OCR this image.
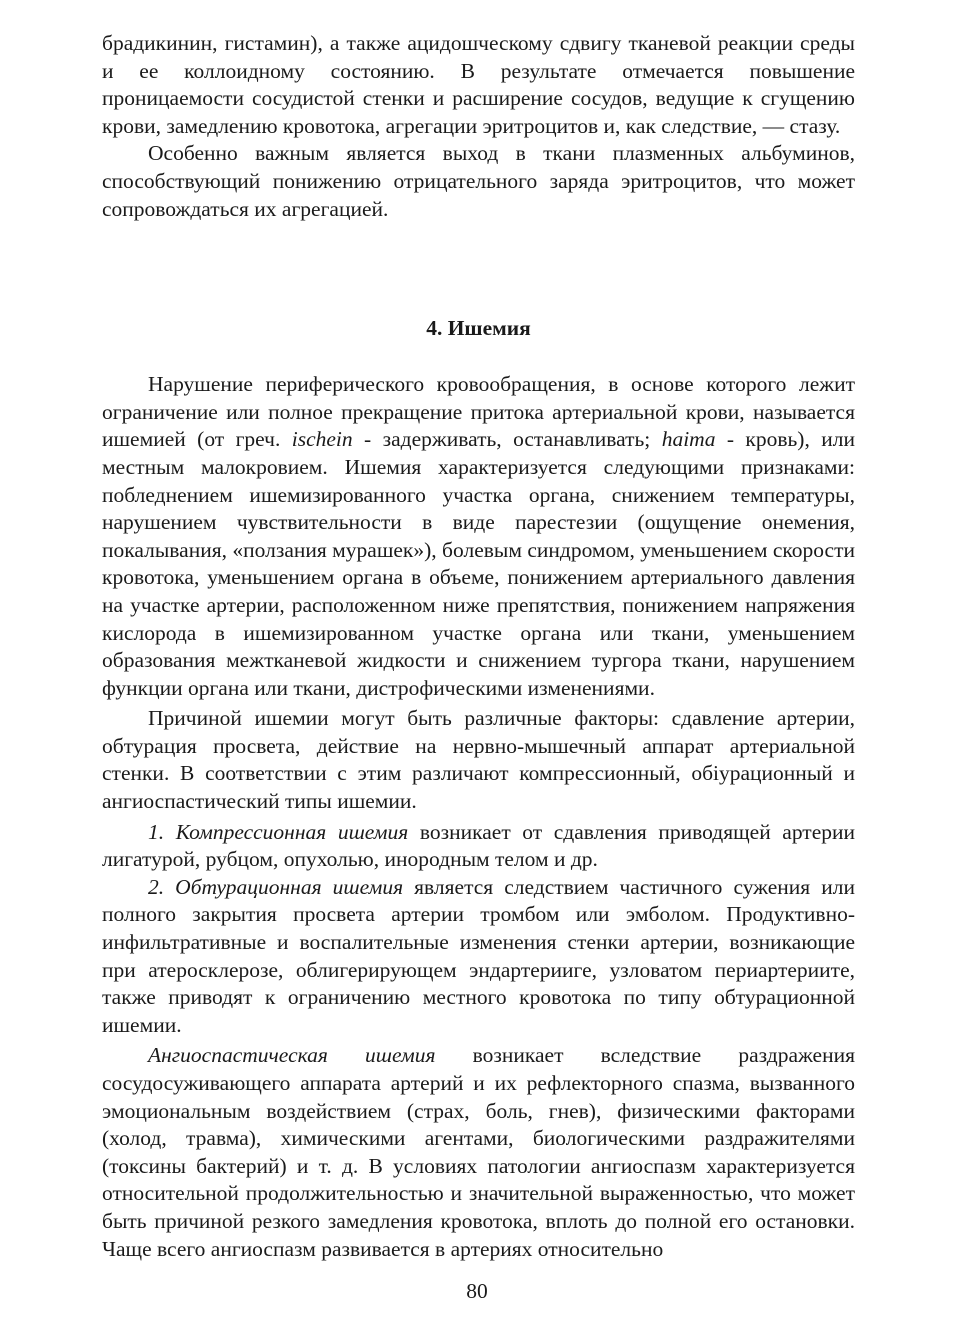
брадикинин, гистамин), а также ацидошческому сдвигу тканевой реакции среды и ее коллоидному состоянию. В результате отмечается повышение проницаемости сосудистой стенки и расширение сосудов, ведущие к сгущению крови, замедлению кровотока, агрегации эритроцитов и, как следствие, — стазу.

Особенно важным является выход в ткани плазменных альбуминов, способствующий понижению отрицательного заряда эритроцитов, что может сопровождаться их агрегацией.

4. Ишемия

Нарушение периферического кровообращения, в основе которого лежит ограничение или полное прекращение притока артериальной крови, называется ишемией (от греч. ischein - задерживать, останавливать; haima - кровь), или местным малокровием. Ишемия характеризуется следующими признаками: побледнением ишемизированного участка органа, снижением температуры, нарушением чувствительности в виде парестезии (ощущение онемения, покалывания, «ползания мурашек»), болевым синдромом, уменьшением скорости кровотока, уменьшением органа в объеме, понижением артериального давления на участке артерии, расположенном ниже препятствия, понижением напряжения кислорода в ишемизированном участке органа или ткани, уменьшением образования межтканевой жидкости и снижением тургора ткани, нарушением функции органа или ткани, дистрофическими изменениями.

Причиной ишемии могут быть различные факторы: сдавление артерии, обтурация просвета, действие на нервно-мышечный аппарат артериальной стенки. В соответствии с этим различают компрессионный, обiурационный и ангиоспастический типы ишемии.

1. Компрессионная ишемия возникает от сдавления приводящей артерии лигатурой, рубцом, опухолью, инородным телом и др.

2. Обтурационная ишемия является следствием частичного сужения или полного закрытия просвета артерии тромбом или эмболом. Продуктивно-инфильтративные и воспалительные изменения стенки артерии, возникающие при атеросклерозе, облигерирующем эндартерииге, узловатом периартериите, также приводят к ограничению местного кровотока по типу обтурационной ишемии.

Ангиоспастическая ишемия возникает вследствие раздражения сосудосуживающего аппарата артерий и их рефлекторного спазма, вызванного эмоциональным воздействием (страх, боль, гнев), физическими факторами (холод, травма), химическими агентами, биологическими раздражителями (токсины бактерий) и т. д. В условиях патологии ангиоспазм характеризуется относительной продолжительностью и значительной выраженностью, что может быть причиной резкого замедления кровотока, вплоть до полной его остановки. Чаще всего ангиоспазм развивается в артериях относительно

80
